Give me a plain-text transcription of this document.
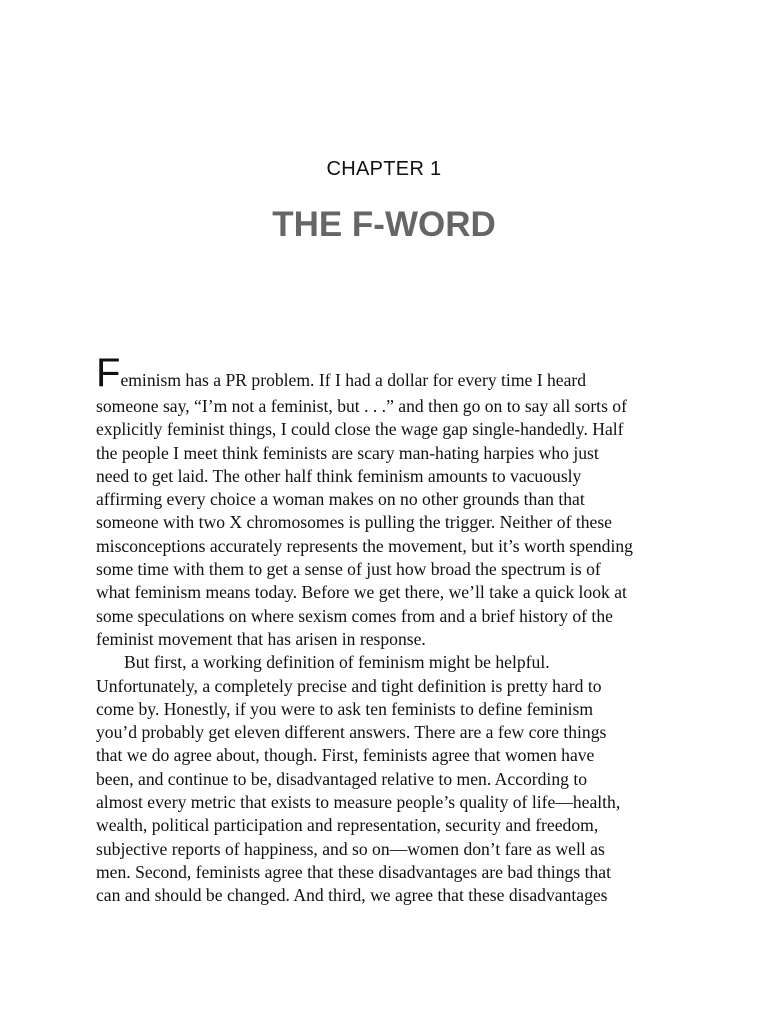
CHAPTER 1
THE F-WORD
Feminism has a PR problem. If I had a dollar for every time I heard
someone say, “I’m not a feminist, but . . .” and then go on to say all sorts of
explicitly feminist things, I could close the wage gap single-handedly. Half
the people I meet think feminists are scary man-hating harpies who just
need to get laid. The other half think feminism amounts to vacuously
affirming every choice a woman makes on no other grounds than that
someone with two X chromosomes is pulling the trigger. Neither of these
misconceptions accurately represents the movement, but it’s worth spending
some time with them to get a sense of just how broad the spectrum is of
what feminism means today. Before we get there, we’ll take a quick look at
some speculations on where sexism comes from and a brief history of the
feminist movement that has arisen in response.
But first, a working definition of feminism might be helpful.
Unfortunately, a completely precise and tight definition is pretty hard to
come by. Honestly, if you were to ask ten feminists to define feminism
you’d probably get eleven different answers. There are a few core things
that we do agree about, though. First, feminists agree that women have
been, and continue to be, disadvantaged relative to men. According to
almost every metric that exists to measure people’s quality of life—health,
wealth, political participation and representation, security and freedom,
subjective reports of happiness, and so on—women don’t fare as well as
men. Second, feminists agree that these disadvantages are bad things that
can and should be changed. And third, we agree that these disadvantages
